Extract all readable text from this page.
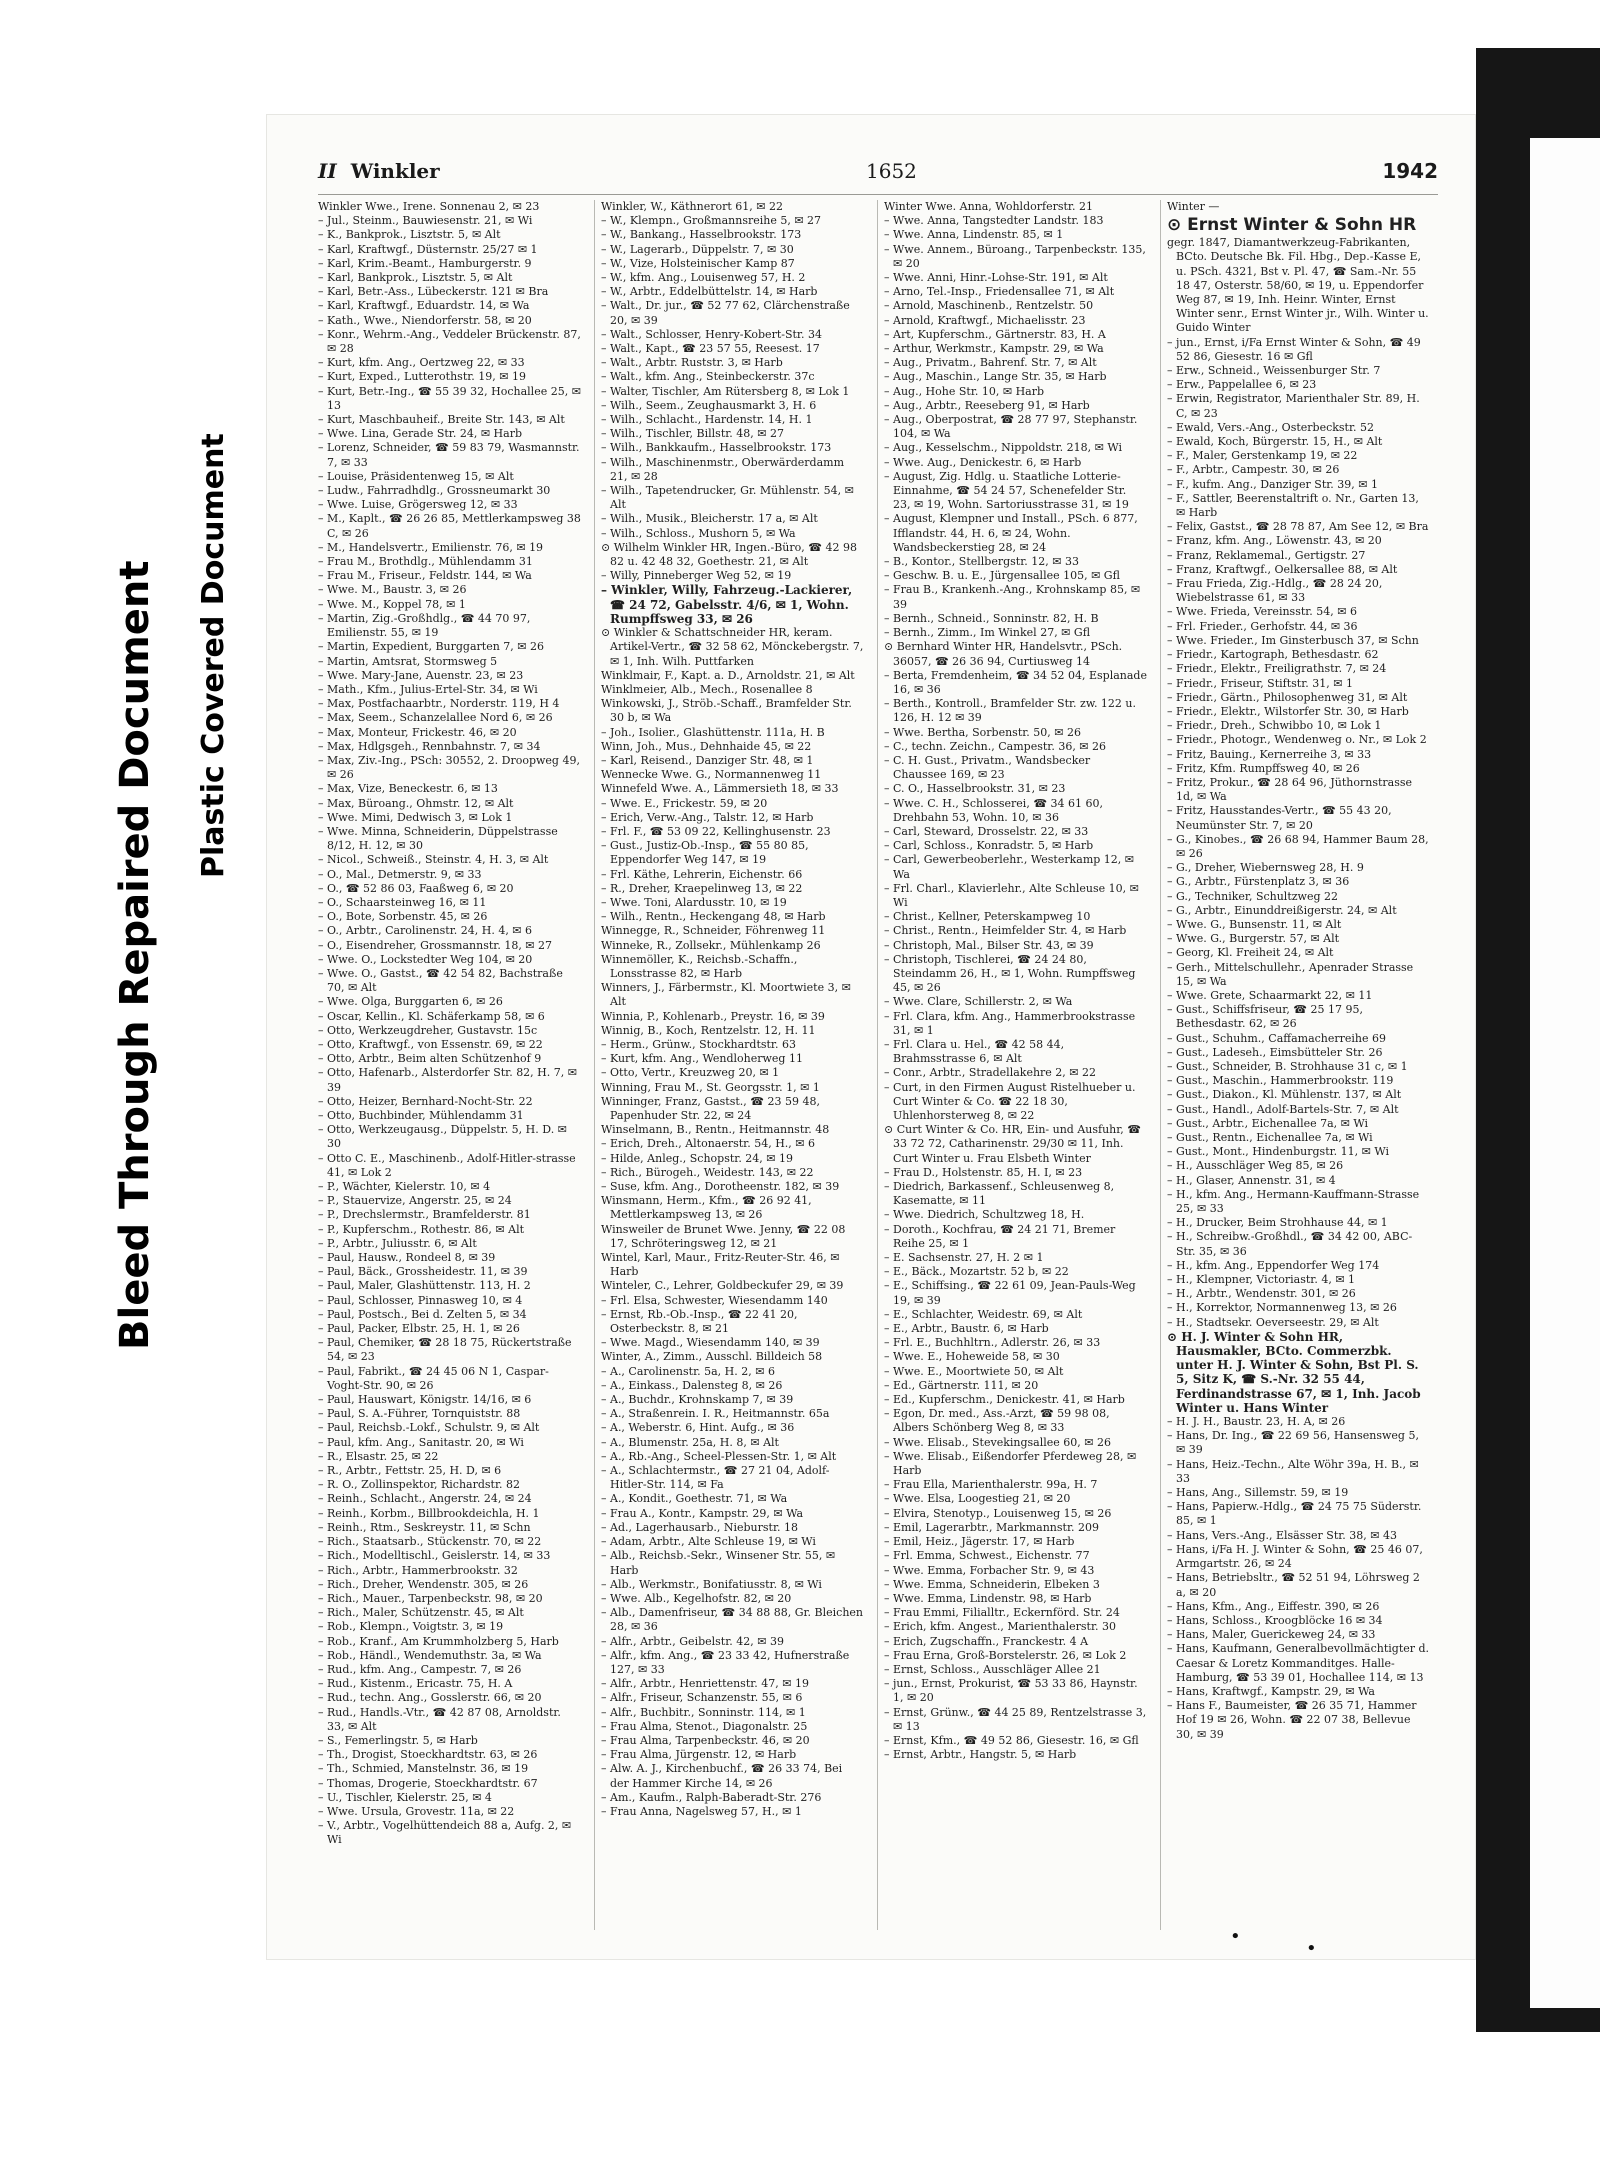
Bleed Through Repaired Document Plastic Covered Document
II Winkler	1652	1942

Winkler Wwe., Irene. Sonnenau 2, ✉ 23

– Jul., Steinm., Bauwiesenstr. 21, ✉ Wi

– K., Bankprok., Lisztstr. 5, ✉ Alt

– Karl, Kraftwgf., Düsternstr. 25/27 ✉ 1

– Karl, Krim.-Beamt., Hamburgerstr. 9

– Karl, Bankprok., Lisztstr. 5, ✉ Alt

– Karl, Betr.-Ass., Lübeckerstr. 121 ✉ Bra

– Karl, Kraftwgf., Eduardstr. 14, ✉ Wa

– Kath., Wwe., Niendorferstr. 58, ✉ 20

– Konr., Wehrm.-Ang., Veddeler Brückenstr. 87, ✉ 28

– Kurt, kfm. Ang., Oertzweg 22, ✉ 33

– Kurt, Exped., Lutterothstr. 19, ✉ 19

– Kurt, Betr.-Ing., ☎ 55 39 32, Hochallee 25, ✉ 13

– Kurt, Maschbauheif., Breite Str. 143, ✉ Alt

– Wwe. Lina, Gerade Str. 24, ✉ Harb

– Lorenz, Schneider, ☎ 59 83 79, Wasmannstr. 7, ✉ 33

– Louise, Präsidentenweg 15, ✉ Alt

– Ludw., Fahrradhdlg., Grossneumarkt 30

– Wwe. Luise, Grögersweg 12, ✉ 33

– M., Kaplt., ☎ 26 26 85, Mettlerkampsweg 38 C, ✉ 26

– M., Handelsvertr., Emilienstr. 76, ✉ 19

– Frau M., Brothdlg., Mühlendamm 31

– Frau M., Friseur., Feldstr. 144, ✉ Wa

– Wwe. M., Baustr. 3, ✉ 26

– Wwe. M., Koppel 78, ✉ 1

– Martin, Zig.-Großhdlg., ☎ 44 70 97, Emilienstr. 55, ✉ 19

– Martin, Expedient, Burggarten 7, ✉ 26

– Martin, Amtsrat, Stormsweg 5

– Wwe. Mary-Jane, Auenstr. 23, ✉ 23

– Math., Kfm., Julius-Ertel-Str. 34, ✉ Wi

– Max, Postfachaarbtr., Norderstr. 119, H 4

– Max, Seem., Schanzelallee Nord 6, ✉ 26

– Max, Monteur, Frickestr. 46, ✉ 20

– Max, Hdlgsgeh., Rennbahnstr. 7, ✉ 34

– Max, Ziv.-Ing., PSch: 30552, 2. Droopweg 49, ✉ 26

– Max, Vize, Beneckestr. 6, ✉ 13

– Max, Büroang., Ohmstr. 12, ✉ Alt

– Wwe. Mimi, Dedwisch 3, ✉ Lok 1

– Wwe. Minna, Schneiderin, Düppelstrasse 8/12, H. 12, ✉ 30

– Nicol., Schweiß., Steinstr. 4, H. 3, ✉ Alt

– O., Mal., Detmerstr. 9, ✉ 33

– O., ☎ 52 86 03, Faaßweg 6, ✉ 20

– O., Schaarsteinweg 16, ✉ 11

– O., Bote, Sorbenstr. 45, ✉ 26

– O., Arbtr., Carolinenstr. 24, H. 4, ✉ 6

– O., Eisendreher, Grossmannstr. 18, ✉ 27

– Wwe. O., Lockstedter Weg 104, ✉ 20

– Wwe. O., Gastst., ☎ 42 54 82, Bachstraße 70, ✉ Alt

– Wwe. Olga, Burggarten 6, ✉ 26

– Oscar, Kellin., Kl. Schäferkamp 58, ✉ 6

– Otto, Werkzeugdreher, Gustavstr. 15c

– Otto, Kraftwgf., von Essenstr. 69, ✉ 22

– Otto, Arbtr., Beim alten Schützenhof 9

– Otto, Hafenarb., Alsterdorfer Str. 82, H. 7, ✉ 39

– Otto, Heizer, Bernhard-Nocht-Str. 22

– Otto, Buchbinder, Mühlendamm 31

– Otto, Werkzeugausg., Düppelstr. 5, H. D. ✉ 30

– Otto C. E., Maschinenb., Adolf-Hitler-strasse 41, ✉ Lok 2

– P., Wächter, Kielerstr. 10, ✉ 4

– P., Stauervize, Angerstr. 25, ✉ 24

– P., Drechslermstr., Bramfelderstr. 81

– P., Kupferschm., Rothestr. 86, ✉ Alt

– P., Arbtr., Juliusstr. 6, ✉ Alt

– Paul, Hausw., Rondeel 8, ✉ 39

– Paul, Bäck., Grossheidestr. 11, ✉ 39

– Paul, Maler, Glashüttenstr. 113, H. 2

– Paul, Schlosser, Pinnasweg 10, ✉ 4

– Paul, Postsch., Bei d. Zelten 5, ✉ 34

– Paul, Packer, Elbstr. 25, H. 1, ✉ 26

– Paul, Chemiker, ☎ 28 18 75, Rückertstraße 54, ✉ 23

– Paul, Fabrikt., ☎ 24 45 06 N 1, Caspar-Voght-Str. 90, ✉ 26

– Paul, Hauswart, Königstr. 14/16, ✉ 6

– Paul, S. A.-Führer, Tornquiststr. 88

– Paul, Reichsb.-Lokf., Schulstr. 9, ✉ Alt

– Paul, kfm. Ang., Sanitastr. 20, ✉ Wi

– R., Elsastr. 25, ✉ 22

– R., Arbtr., Fettstr. 25, H. D, ✉ 6

– R. O., Zollinspektor, Richardstr. 82

– Reinh., Schlacht., Angerstr. 24, ✉ 24

– Reinh., Korbm., Billbrookdeichla, H. 1

– Reinh., Rtm., Seskreystr. 11, ✉ Schn

– Rich., Staatsarb., Stückenstr. 70, ✉ 22

– Rich., Modelltischl., Geislerstr. 14, ✉ 33

– Rich., Arbtr., Hammerbrookstr. 32

– Rich., Dreher, Wendenstr. 305, ✉ 26

– Rich., Mauer., Tarpenbeckstr. 98, ✉ 20

– Rich., Maler, Schützenstr. 45, ✉ Alt

– Rob., Klempn., Voigtstr. 3, ✉ 19

– Rob., Kranf., Am Krummholzberg 5, Harb

– Rob., Händl., Wendemuthstr. 3a, ✉ Wa

– Rud., kfm. Ang., Campestr. 7, ✉ 26

– Rud., Kistenm., Ericastr. 75, H. A

– Rud., techn. Ang., Gosslerstr. 66, ✉ 20

– Rud., Handls.-Vtr., ☎ 42 87 08, Arnoldstr. 33, ✉ Alt

– S., Femerlingstr. 5, ✉ Harb

– Th., Drogist, Stoeckhardtstr. 63, ✉ 26

– Th., Schmied, Manstelnstr. 36, ✉ 19

– Thomas, Drogerie, Stoeckhardtstr. 67

– U., Tischler, Kielerstr. 25, ✉ 4

– Wwe. Ursula, Grovestr. 11a, ✉ 22

– V., Arbtr., Vogelhüttendeich 88 a, Aufg. 2, ✉ Wi

Winkler, W., Käthnerort 61, ✉ 22

– W., Klempn., Großmannsreihe 5, ✉ 27

– W., Bankang., Hasselbrookstr. 173

– W., Lagerarb., Düppelstr. 7, ✉ 30

– W., Vize, Holsteinischer Kamp 87

– W., kfm. Ang., Louisenweg 57, H. 2

– W., Arbtr., Eddelbüttelstr. 14, ✉ Harb

– Walt., Dr. jur., ☎ 52 77 62, Clärchenstraße 20, ✉ 39

– Walt., Schlosser, Henry-Kobert-Str. 34

– Walt., Kapt., ☎ 23 57 55, Reesest. 17

– Walt., Arbtr. Ruststr. 3, ✉ Harb

– Walt., kfm. Ang., Steinbeckerstr. 37c

– Walter, Tischler, Am Rütersberg 8, ✉ Lok 1

– Wilh., Seem., Zeughausmarkt 3, H. 6

– Wilh., Schlacht., Hardenstr. 14, H. 1

– Wilh., Tischler, Billstr. 48, ✉ 27

– Wilh., Bankkaufm., Hasselbrookstr. 173

– Wilh., Maschinenmstr., Oberwärderdamm 21, ✉ 28

– Wilh., Tapetendrucker, Gr. Mühlenstr. 54, ✉ Alt

– Wilh., Musik., Bleicherstr. 17 a, ✉ Alt

– Wilh., Schloss., Mushorn 5, ✉ Wa

⊙ Wilhelm Winkler HR, Ingen.-Büro, ☎ 42 98 82 u. 42 48 32, Goethestr. 21, ✉ Alt

– Willy, Pinneberger Weg 52, ✉ 19

– Winkler, Willy, Fahrzeug.-Lackierer, ☎ 24 72, Gabelsstr. 4/6, ✉ 1, Wohn. Rumpffsweg 33, ✉ 26

⊙ Winkler & Schattschneider HR, keram. Artikel-Vertr., ☎ 32 58 62, Mönckebergstr. 7, ✉ 1, Inh. Wilh. Puttfarken

Winklmair, F., Kapt. a. D., Arnoldstr. 21, ✉ Alt

Winklmeier, Alb., Mech., Rosenallee 8

Winkowski, J., Ströb.-Schaff., Bramfelder Str. 30 b, ✉ Wa

– Joh., Isolier., Glashüttenstr. 111a, H. B

Winn, Joh., Mus., Dehnhaide 45, ✉ 22

– Karl, Reisend., Danziger Str. 48, ✉ 1

Wennecke Wwe. G., Normannenweg 11

Winnefeld Wwe. A., Lämmersieth 18, ✉ 33

– Wwe. E., Frickestr. 59, ✉ 20

– Erich, Verw.-Ang., Talstr. 12, ✉ Harb

– Frl. F., ☎ 53 09 22, Kellinghusenstr. 23

– Gust., Justiz-Ob.-Insp., ☎ 55 80 85, Eppendorfer Weg 147, ✉ 19

– Frl. Käthe, Lehrerin, Eichenstr. 66

– R., Dreher, Kraepelinweg 13, ✉ 22

– Wwe. Toni, Alardusstr. 10, ✉ 19

– Wilh., Rentn., Heckengang 48, ✉ Harb

Winnegge, R., Schneider, Föhrenweg 11

Winneke, R., Zollsekr., Mühlenkamp 26

Winnemöller, K., Reichsb.-Schaffn., Lonsstrasse 82, ✉ Harb

Winners, J., Färbermstr., Kl. Moortwiete 3, ✉ Alt

Winnia, P., Kohlenarb., Preystr. 16, ✉ 39

Winnig, B., Koch, Rentzelstr. 12, H. 11

– Herm., Grünw., Stockhardtstr. 63

– Kurt, kfm. Ang., Wendloherweg 11

– Otto, Vertr., Kreuzweg 20, ✉ 1

Winning, Frau M., St. Georgsstr. 1, ✉ 1

Winninger, Franz, Gastst., ☎ 23 59 48, Papenhuder Str. 22, ✉ 24

Winselmann, B., Rentn., Heitmannstr. 48

– Erich, Dreh., Altonaerstr. 54, H., ✉ 6

– Hilde, Anleg., Schopstr. 24, ✉ 19

– Rich., Bürogeh., Weidestr. 143, ✉ 22

– Suse, kfm. Ang., Dorotheenstr. 182, ✉ 39

Winsmann, Herm., Kfm., ☎ 26 92 41, Mettlerkampsweg 13, ✉ 26

Winsweiler de Brunet Wwe. Jenny, ☎ 22 08 17, Schröteringsweg 12, ✉ 21

Wintel, Karl, Maur., Fritz-Reuter-Str. 46, ✉ Harb

Winteler, C., Lehrer, Goldbeckufer 29, ✉ 39

– Frl. Elsa, Schwester, Wiesendamm 140

– Ernst, Rb.-Ob.-Insp., ☎ 22 41 20, Osterbeckstr. 8, ✉ 21

– Wwe. Magd., Wiesendamm 140, ✉ 39

Winter, A., Zimm., Ausschl. Billdeich 58

– A., Carolinenstr. 5a, H. 2, ✉ 6

– A., Einkass., Dalensteg 8, ✉ 26

– A., Buchdr., Krohnskamp 7, ✉ 39

– A., Straßenrein. I. R., Heitmannstr. 65a

– A., Weberstr. 6, Hint. Aufg., ✉ 36

– A., Blumenstr. 25a, H. 8, ✉ Alt

– A., Rb.-Ang., Scheel-Plessen-Str. 1, ✉ Alt

– A., Schlachtermstr., ☎ 27 21 04, Adolf-Hitler-Str. 114, ✉ Fa

– A., Kondit., Goethestr. 71, ✉ Wa

– Frau A., Kontr., Kampstr. 29, ✉ Wa

– Ad., Lagerhausarb., Nieburstr. 18

– Adam, Arbtr., Alte Schleuse 19, ✉ Wi

– Alb., Reichsb.-Sekr., Winsener Str. 55, ✉ Harb

– Alb., Werkmstr., Bonifatiusstr. 8, ✉ Wi

– Wwe. Alb., Kegelhofstr. 82, ✉ 20

– Alb., Damenfriseur, ☎ 34 88 88, Gr. Bleichen 28, ✉ 36

– Alfr., Arbtr., Geibelstr. 42, ✉ 39

– Alfr., kfm. Ang., ☎ 23 33 42, Hufnerstraße 127, ✉ 33

– Alfr., Arbtr., Henriettenstr. 47, ✉ 19

– Alfr., Friseur, Schanzenstr. 55, ✉ 6

– Alfr., Buchbitr., Sonninstr. 114, ✉ 1

– Frau Alma, Stenot., Diagonalstr. 25

– Frau Alma, Tarpenbeckstr. 46, ✉ 20

– Frau Alma, Jürgenstr. 12, ✉ Harb

– Alw. A. J., Kirchenbuchf., ☎ 26 33 74, Bei der Hammer Kirche 14, ✉ 26

– Am., Kaufm., Ralph-Baberadt-Str. 276

– Frau Anna, Nagelsweg 57, H., ✉ 1

Winter Wwe. Anna, Wohldorferstr. 21

– Wwe. Anna, Tangstedter Landstr. 183

– Wwe. Anna, Lindenstr. 85, ✉ 1

– Wwe. Annem., Büroang., Tarpenbeckstr. 135, ✉ 20

– Wwe. Anni, Hinr.-Lohse-Str. 191, ✉ Alt

– Arno, Tel.-Insp., Friedensallee 71, ✉ Alt

– Arnold, Maschinenb., Rentzelstr. 50

– Arnold, Kraftwgf., Michaelisstr. 23

– Art, Kupferschm., Gärtnerstr. 83, H. A

– Arthur, Werkmstr., Kampstr. 29, ✉ Wa

– Aug., Privatm., Bahrenf. Str. 7, ✉ Alt

– Aug., Maschin., Lange Str. 35, ✉ Harb

– Aug., Hohe Str. 10, ✉ Harb

– Aug., Arbtr., Reeseberg 91, ✉ Harb

– Aug., Oberpostrat, ☎ 28 77 97, Stephanstr. 104, ✉ Wa

– Aug., Kesselschm., Nippoldstr. 218, ✉ Wi

– Wwe. Aug., Denickestr. 6, ✉ Harb

– August, Zig. Hdlg. u. Staatliche Lotterie-Einnahme, ☎ 54 24 57, Schenefelder Str. 23, ✉ 19, Wohn. Sartoriusstrasse 31, ✉ 19

– August, Klempner und Install., PSch. 6 877, Ifflandstr. 44, H. 6, ✉ 24, Wohn. Wandsbeckerstieg 28, ✉ 24

– B., Kontor., Stellbergstr. 12, ✉ 33

– Geschw. B. u. E., Jürgensallee 105, ✉ Gfl

– Frau B., Krankenh.-Ang., Krohnskamp 85, ✉ 39

– Bernh., Schneid., Sonninstr. 82, H. B

– Bernh., Zimm., Im Winkel 27, ✉ Gfl

⊙ Bernhard Winter HR, Handelsvtr., PSch. 36057, ☎ 26 36 94, Curtiusweg 14

– Berta, Fremdenheim, ☎ 34 52 04, Esplanade 16, ✉ 36

– Berth., Kontroll., Bramfelder Str. zw. 122 u. 126, H. 12 ✉ 39

– Wwe. Bertha, Sorbenstr. 50, ✉ 26

– C., techn. Zeichn., Campestr. 36, ✉ 26

– C. H. Gust., Privatm., Wandsbecker Chaussee 169, ✉ 23

– C. O., Hasselbrookstr. 31, ✉ 23

– Wwe. C. H., Schlosserei, ☎ 34 61 60, Drehbahn 53, Wohn. 10, ✉ 36

– Carl, Steward, Drosselstr. 22, ✉ 33

– Carl, Schloss., Konradstr. 5, ✉ Harb

– Carl, Gewerbeoberlehr., Westerkamp 12, ✉ Wa

– Frl. Charl., Klavierlehr., Alte Schleuse 10, ✉ Wi

– Christ., Kellner, Peterskampweg 10

– Christ., Rentn., Heimfelder Str. 4, ✉ Harb

– Christoph, Mal., Bilser Str. 43, ✉ 39

– Christoph, Tischlerei, ☎ 24 24 80, Steindamm 26, H., ✉ 1, Wohn. Rumpffsweg 45, ✉ 26

– Wwe. Clare, Schillerstr. 2, ✉ Wa

– Frl. Clara, kfm. Ang., Hammerbrookstrasse 31, ✉ 1

– Frl. Clara u. Hel., ☎ 42 58 44, Brahmsstrasse 6, ✉ Alt

– Conr., Arbtr., Stradellakehre 2, ✉ 22

– Curt, in den Firmen August Ristelhueber u. Curt Winter & Co. ☎ 22 18 30, Uhlenhorsterweg 8, ✉ 22

⊙ Curt Winter & Co. HR, Ein- und Ausfuhr, ☎ 33 72 72, Catharinenstr. 29/30 ✉ 11, Inh. Curt Winter u. Frau Elsbeth Winter

– Frau D., Holstenstr. 85, H. I, ✉ 23

– Diedrich, Barkassenf., Schleusenweg 8, Kasematte, ✉ 11

– Wwe. Diedrich, Schultzweg 18, H.

– Doroth., Kochfrau, ☎ 24 21 71, Bremer Reihe 25, ✉ 1

– E. Sachsenstr. 27, H. 2 ✉ 1

– E., Bäck., Mozartstr. 52 b, ✉ 22

– E., Schiffsing., ☎ 22 61 09, Jean-Pauls-Weg 19, ✉ 39

– E., Schlachter, Weidestr. 69, ✉ Alt

– E., Arbtr., Baustr. 6, ✉ Harb

– Frl. E., Buchhltrn., Adlerstr. 26, ✉ 33

– Wwe. E., Hoheweide 58, ✉ 30

– Wwe. E., Moortwiete 50, ✉ Alt

– Ed., Gärtnerstr. 111, ✉ 20

– Ed., Kupferschm., Denickestr. 41, ✉ Harb

– Egon, Dr. med., Ass.-Arzt, ☎ 59 98 08, Albers Schönberg Weg 8, ✉ 33

– Wwe. Elisab., Stevekingsallee 60, ✉ 26

– Wwe. Elisab., Eißendorfer Pferdeweg 28, ✉ Harb

– Frau Ella, Marienthalerstr. 99a, H. 7

– Wwe. Elsa, Loogestieg 21, ✉ 20

– Elvira, Stenotyp., Louisenweg 15, ✉ 26

– Emil, Lagerarbtr., Markmannstr. 209

– Emil, Heiz., Jägerstr. 17, ✉ Harb

– Frl. Emma, Schwest., Eichenstr. 77

– Wwe. Emma, Forbacher Str. 9, ✉ 43

– Wwe. Emma, Schneiderin, Elbeken 3

– Wwe. Emma, Lindenstr. 98, ✉ Harb

– Frau Emmi, Filialltr., Eckernförd. Str. 24

– Erich, kfm. Angest., Marienthalerstr. 30

– Erich, Zugschaffn., Franckestr. 4 A

– Frau Erna, Groß-Borstelerstr. 26, ✉ Lok 2

– Ernst, Schloss., Ausschläger Allee 21

– jun., Ernst, Prokurist, ☎ 53 33 86, Haynstr. 1, ✉ 20

– Ernst, Grünw., ☎ 44 25 89, Rentzelstrasse 3, ✉ 13

– Ernst, Kfm., ☎ 49 52 86, Giesestr. 16, ✉ Gfl

– Ernst, Arbtr., Hangstr. 5, ✉ Harb

Winter —

⊙ Ernst Winter & Sohn HR

gegr. 1847, Diamantwerkzeug-Fabrikanten, BCto. Deutsche Bk. Fil. Hbg., Dep.-Kasse E, u. PSch. 4321, Bst v. Pl. 47, ☎ Sam.-Nr. 55 18 47, Osterstr. 58/60, ✉ 19, u. Eppendorfer Weg 87, ✉ 19, Inh. Heinr. Winter, Ernst Winter senr., Ernst Winter jr., Wilh. Winter u. Guido Winter

– jun., Ernst, i/Fa Ernst Winter & Sohn, ☎ 49 52 86, Giesestr. 16 ✉ Gfl

– Erw., Schneid., Weissenburger Str. 7

– Erw., Pappelallee 6, ✉ 23

– Erwin, Registrator, Marienthaler Str. 89, H. C, ✉ 23

– Ewald, Vers.-Ang., Osterbeckstr. 52

– Ewald, Koch, Bürgerstr. 15, H., ✉ Alt

– F., Maler, Gerstenkamp 19, ✉ 22

– F., Arbtr., Campestr. 30, ✉ 26

– F., kufm. Ang., Danziger Str. 39, ✉ 1

– F., Sattler, Beerenstaltrift o. Nr., Garten 13, ✉ Harb

– Felix, Gastst., ☎ 28 78 87, Am See 12, ✉ Bra

– Franz, kfm. Ang., Löwenstr. 43, ✉ 20

– Franz, Reklamemal., Gertigstr. 27

– Franz, Kraftwgf., Oelkersallee 88, ✉ Alt

– Frau Frieda, Zig.-Hdlg., ☎ 28 24 20, Wiebelstrasse 61, ✉ 33

– Wwe. Frieda, Vereinsstr. 54, ✉ 6

– Frl. Frieder., Gerhofstr. 44, ✉ 36

– Wwe. Frieder., Im Ginsterbusch 37, ✉ Schn

– Friedr., Kartograph, Bethesdastr. 62

– Friedr., Elektr., Freiligrathstr. 7, ✉ 24

– Friedr., Friseur, Stiftstr. 31, ✉ 1

– Friedr., Gärtn., Philosophenweg 31, ✉ Alt

– Friedr., Elektr., Wilstorfer Str. 30, ✉ Harb

– Friedr., Dreh., Schwibbo 10, ✉ Lok 1

– Friedr., Photogr., Wendenweg o. Nr., ✉ Lok 2

– Fritz, Bauing., Kernerreihe 3, ✉ 33

– Fritz, Kfm. Rumpffsweg 40, ✉ 26

– Fritz, Prokur., ☎ 28 64 96, Jüthornstrasse 1d, ✉ Wa

– Fritz, Hausstandes-Vertr., ☎ 55 43 20, Neumünster Str. 7, ✉ 20

– G., Kinobes., ☎ 26 68 94, Hammer Baum 28, ✉ 26

– G., Dreher, Wiebernsweg 28, H. 9

– G., Arbtr., Fürstenplatz 3, ✉ 36

– G., Techniker, Schultzweg 22

– G., Arbtr., Einunddreißigerstr. 24, ✉ Alt

– Wwe. G., Bunsenstr. 11, ✉ Alt

– Wwe. G., Burgerstr. 57, ✉ Alt

– Georg, Kl. Freiheit 24, ✉ Alt

– Gerh., Mittelschullehr., Apenrader Strasse 15, ✉ Wa

– Wwe. Grete, Schaarmarkt 22, ✉ 11

– Gust., Schiffsfriseur, ☎ 25 17 95, Bethesdastr. 62, ✉ 26

– Gust., Schuhm., Caffamacherreihe 69

– Gust., Ladeseh., Eimsbütteler Str. 26

– Gust., Schneider, B. Strohhause 31 c, ✉ 1

– Gust., Maschin., Hammerbrookstr. 119

– Gust., Diakon., Kl. Mühlenstr. 137, ✉ Alt

– Gust., Handl., Adolf-Bartels-Str. 7, ✉ Alt

– Gust., Arbtr., Eichenallee 7a, ✉ Wi

– Gust., Rentn., Eichenallee 7a, ✉ Wi

– Gust., Mont., Hindenburgstr. 11, ✉ Wi

– H., Ausschläger Weg 85, ✉ 26

– H., Glaser, Annenstr. 31, ✉ 4

– H., kfm. Ang., Hermann-Kauffmann-Strasse 25, ✉ 33

– H., Drucker, Beim Strohhause 44, ✉ 1

– H., Schreibw.-Großhdl., ☎ 34 42 00, ABC-Str. 35, ✉ 36

– H., kfm. Ang., Eppendorfer Weg 174

– H., Klempner, Victoriastr. 4, ✉ 1

– H., Arbtr., Wendenstr. 301, ✉ 26

– H., Korrektor, Normannenweg 13, ✉ 26

– H., Stadtsekr. Oeverseestr. 29, ✉ Alt

⊙ H. J. Winter & Sohn HR, Hausmakler, BCto. Commerzbk. unter H. J. Winter & Sohn, Bst Pl. S. 5, Sitz K, ☎ S.-Nr. 32 55 44, Ferdinandstrasse 67, ✉ 1, Inh. Jacob Winter u. Hans Winter

– H. J. H., Baustr. 23, H. A, ✉ 26

– Hans, Dr. Ing., ☎ 22 69 56, Hansensweg 5, ✉ 39

– Hans, Heiz.-Techn., Alte Wöhr 39a, H. B., ✉ 33

– Hans, Ang., Sillemstr. 59, ✉ 19

– Hans, Papierw.-Hdlg., ☎ 24 75 75 Süderstr. 85, ✉ 1

– Hans, Vers.-Ang., Elsässer Str. 38, ✉ 43

– Hans, i/Fa H. J. Winter & Sohn, ☎ 25 46 07, Armgartstr. 26, ✉ 24

– Hans, Betriebsltr., ☎ 52 51 94, Löhrsweg 2 a, ✉ 20

– Hans, Kfm., Ang., Eiffestr. 390, ✉ 26

– Hans, Schloss., Kroogblöcke 16 ✉ 34

– Hans, Maler, Guerickeweg 24, ✉ 33

– Hans, Kaufmann, Generalbevollmächtigter d. Caesar & Loretz Kommanditges. Halle-Hamburg, ☎ 53 39 01, Hochallee 114, ✉ 13

– Hans, Kraftwgf., Kampstr. 29, ✉ Wa

– Hans F., Baumeister, ☎ 26 35 71, Hammer Hof 19 ✉ 26, Wohn. ☎ 22 07 38, Bellevue 30, ✉ 39

•
•
